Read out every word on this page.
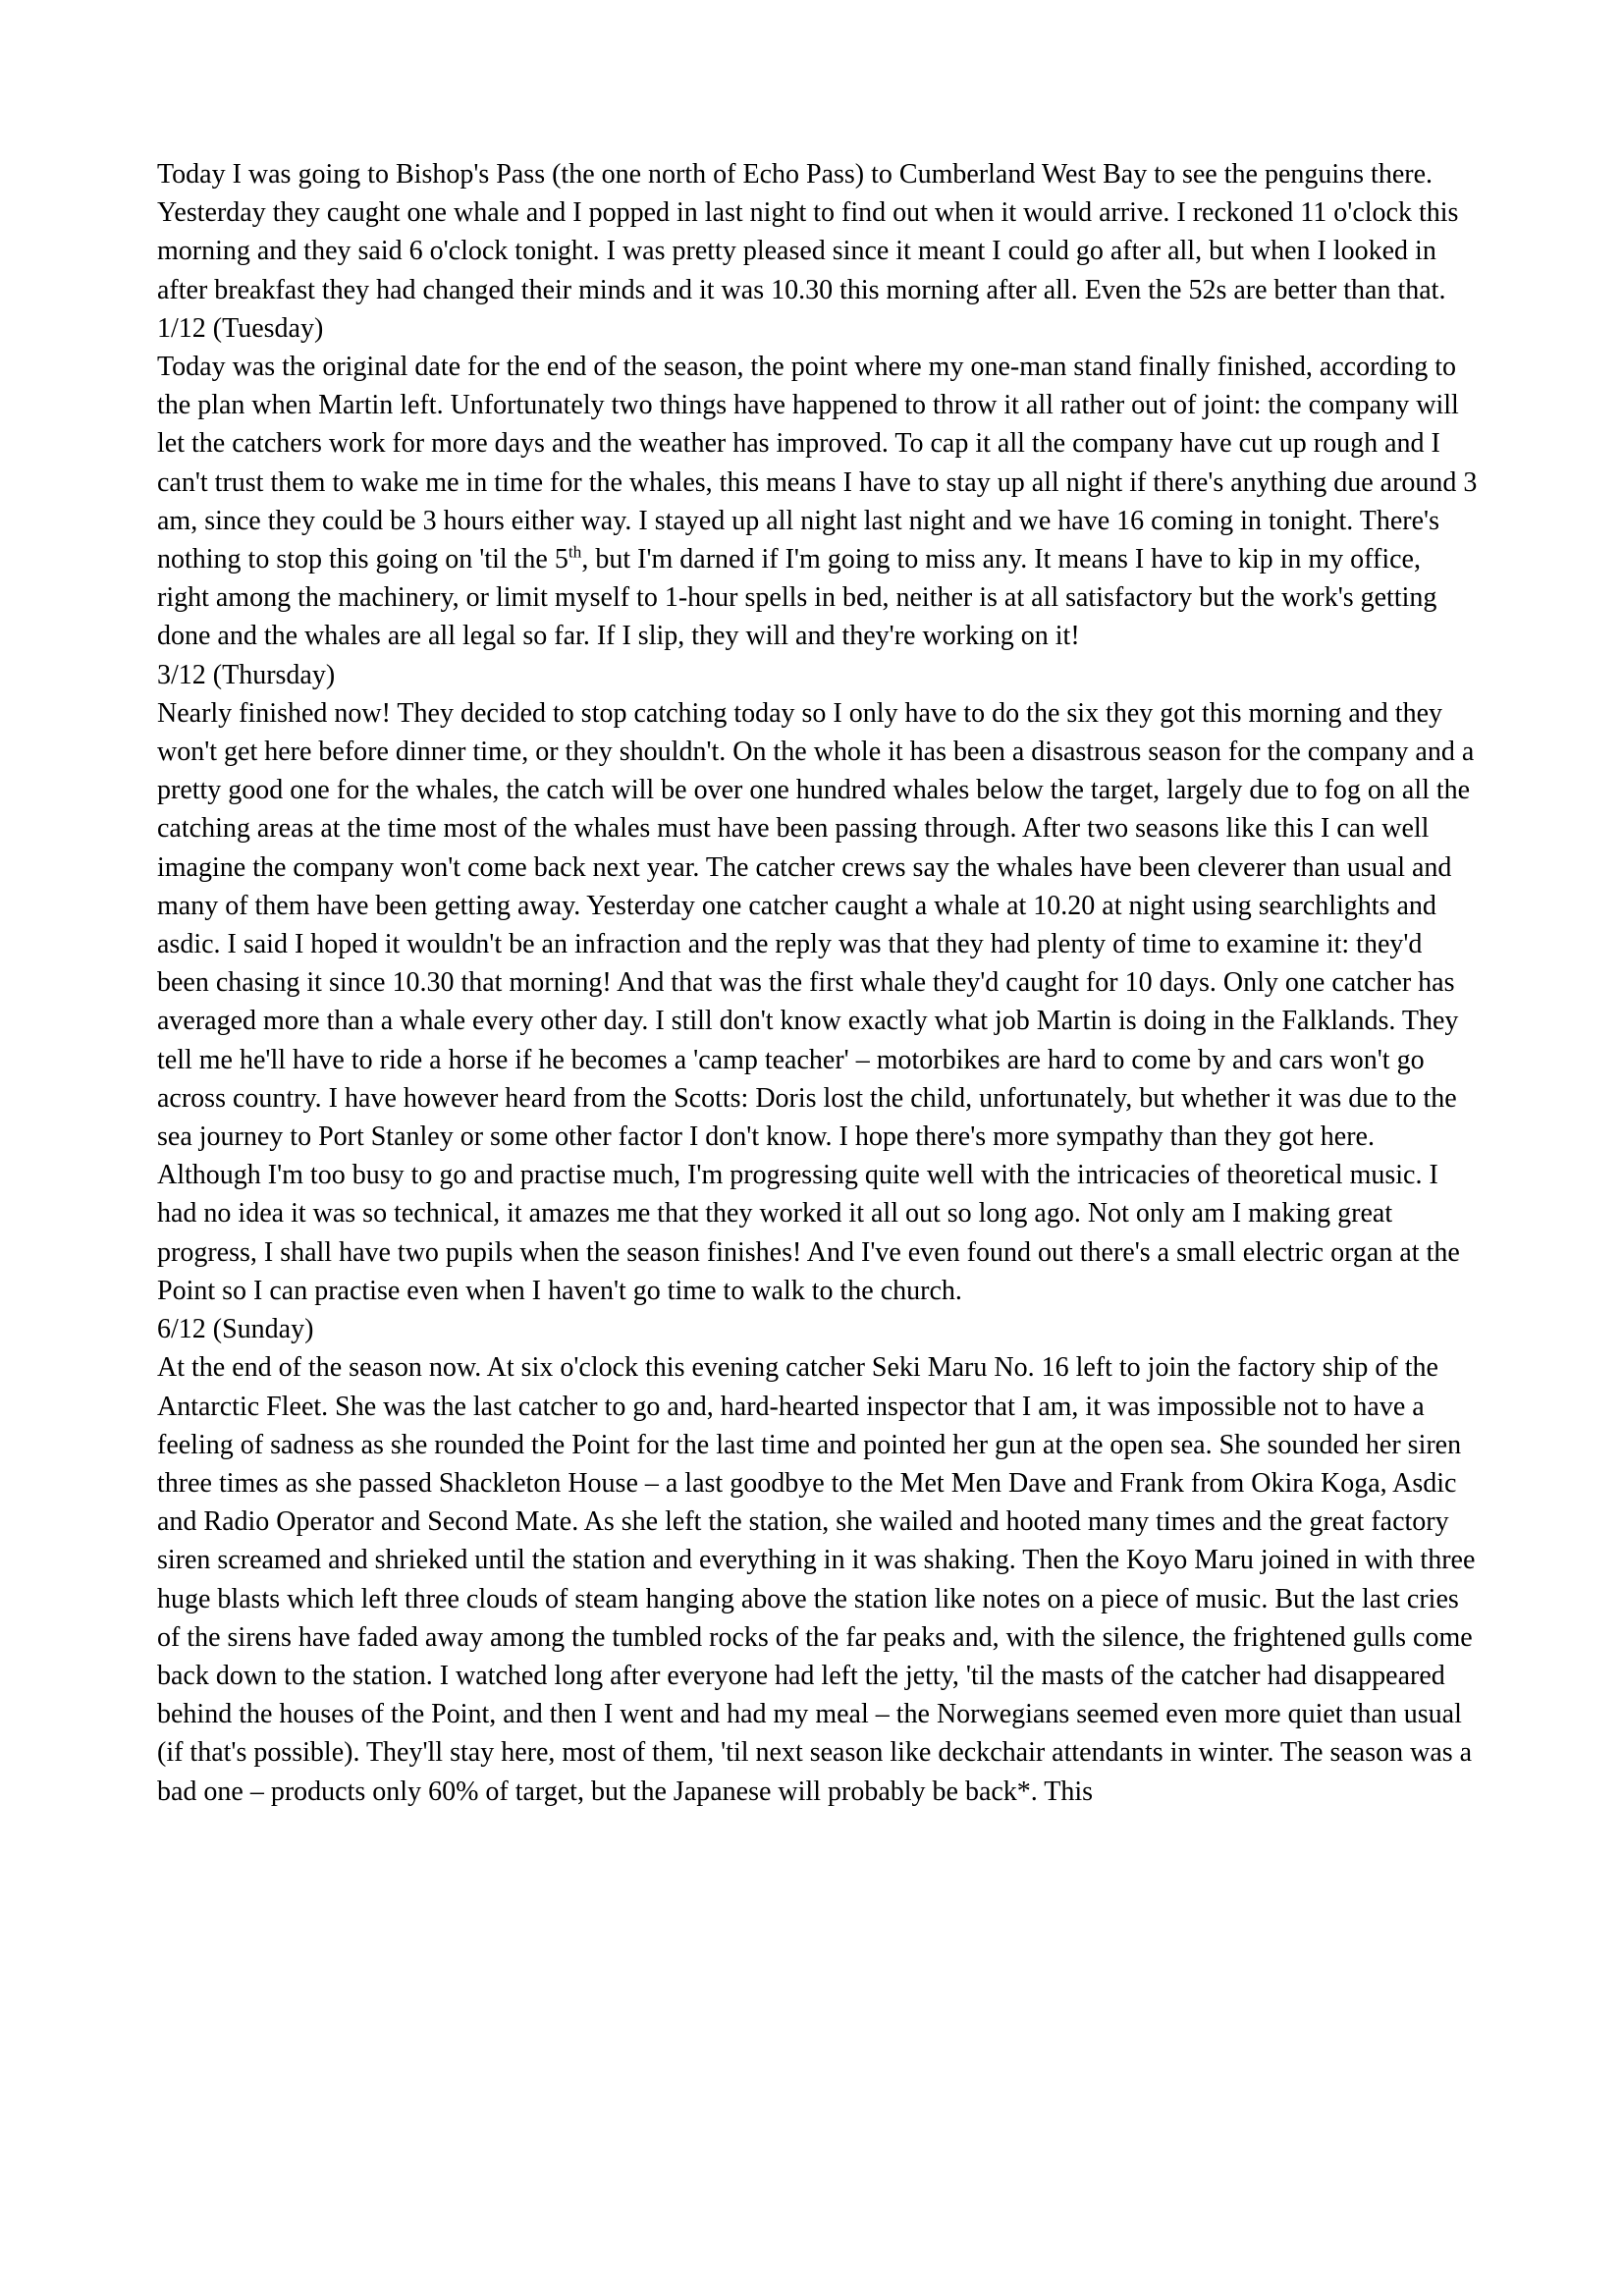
Today I was going to Bishop's Pass (the one north of Echo Pass) to Cumberland West Bay to see the penguins there. Yesterday they caught one whale and I popped in last night to find out when it would arrive. I reckoned 11 o'clock this morning and they said 6 o'clock tonight. I was pretty pleased since it meant I could go after all, but when I looked in after breakfast they had changed their minds and it was 10.30 this morning after all. Even the 52s are better than that.

1/12 (Tuesday)

Today was the original date for the end of the season, the point where my one-man stand finally finished, according to the plan when Martin left. Unfortunately two things have happened to throw it all rather out of joint: the company will let the catchers work for more days and the weather has improved. To cap it all the company have cut up rough and I can't trust them to wake me in time for the whales, this means I have to stay up all night if there's anything due around 3 am, since they could be 3 hours either way. I stayed up all night last night and we have 16 coming in tonight. There's nothing to stop this going on 'til the 5th, but I'm darned if I'm going to miss any. It means I have to kip in my office, right among the machinery, or limit myself to 1-hour spells in bed, neither is at all satisfactory but the work's getting done and the whales are all legal so far. If I slip, they will and they're working on it!

3/12 (Thursday)

Nearly finished now! They decided to stop catching today so I only have to do the six they got this morning and they won't get here before dinner time, or they shouldn't. On the whole it has been a disastrous season for the company and a pretty good one for the whales, the catch will be over one hundred whales below the target, largely due to fog on all the catching areas at the time most of the whales must have been passing through. After two seasons like this I can well imagine the company won't come back next year. The catcher crews say the whales have been cleverer than usual and many of them have been getting away. Yesterday one catcher caught a whale at 10.20 at night using searchlights and asdic. I said I hoped it wouldn't be an infraction and the reply was that they had plenty of time to examine it: they'd been chasing it since 10.30 that morning! And that was the first whale they'd caught for 10 days. Only one catcher has averaged more than a whale every other day. I still don't know exactly what job Martin is doing in the Falklands. They tell me he'll have to ride a horse if he becomes a 'camp teacher' – motorbikes are hard to come by and cars won't go across country. I have however heard from the Scotts: Doris lost the child, unfortunately, but whether it was due to the sea journey to Port Stanley or some other factor I don't know. I hope there's more sympathy than they got here.

Although I'm too busy to go and practise much, I'm progressing quite well with the intricacies of theoretical music. I had no idea it was so technical, it amazes me that they worked it all out so long ago. Not only am I making great progress, I shall have two pupils when the season finishes! And I've even found out there's a small electric organ at the Point so I can practise even when I haven't go time to walk to the church.

6/12 (Sunday)

At the end of the season now. At six o'clock this evening catcher Seki Maru No. 16 left to join the factory ship of the Antarctic Fleet. She was the last catcher to go and, hard-hearted inspector that I am, it was impossible not to have a feeling of sadness as she rounded the Point for the last time and pointed her gun at the open sea. She sounded her siren three times as she passed Shackleton House – a last goodbye to the Met Men Dave and Frank from Okira Koga, Asdic and Radio Operator and Second Mate. As she left the station, she wailed and hooted many times and the great factory siren screamed and shrieked until the station and everything in it was shaking. Then the Koyo Maru joined in with three huge blasts which left three clouds of steam hanging above the station like notes on a piece of music. But the last cries of the sirens have faded away among the tumbled rocks of the far peaks and, with the silence, the frightened gulls come back down to the station. I watched long after everyone had left the jetty, 'til the masts of the catcher had disappeared behind the houses of the Point, and then I went and had my meal – the Norwegians seemed even more quiet than usual (if that's possible). They'll stay here, most of them, 'til next season like deckchair attendants in winter. The season was a bad one – products only 60% of target, but the Japanese will probably be back*. This
